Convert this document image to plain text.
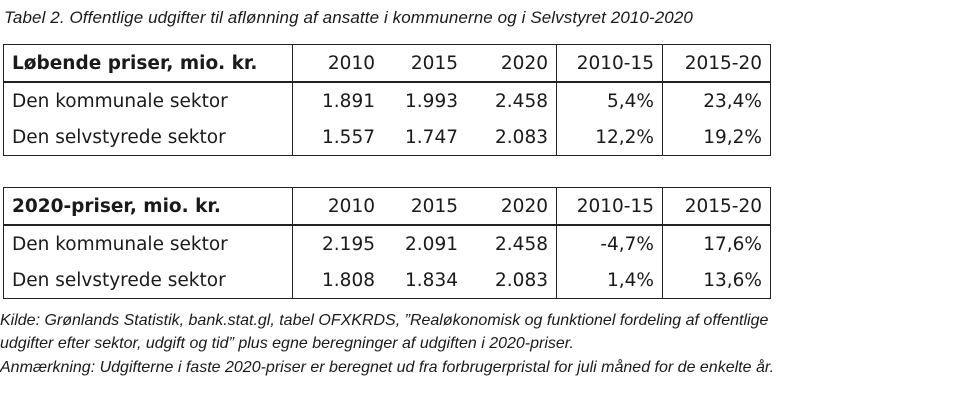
Tabel 2. Offentlige udgifter til aflønning af ansatte i kommunerne og i Selvstyret 2010-2020
Løbende priser, mio. kr.	2010	2015	2020	2010-15	2015-20
Den kommunale sektor	1.891	1.993	2.458	5,4%	23,4%
Den selvstyrede sektor	1.557	1.747	2.083	12,2%	19,2%
2020-priser, mio. kr.	2010	2015	2020	2010-15	2015-20
Den kommunale sektor	2.195	2.091	2.458	-4,7%	17,6%
Den selvstyrede sektor	1.808	1.834	2.083	1,4%	13,6%
Kilde: Grønlands Statistik, bank.stat.gl, tabel OFXKRDS, ”Realøkonomisk og funktionel fordeling af offentlige
udgifter efter sektor, udgift og tid” plus egne beregninger af udgiften i 2020-priser.
Anmærkning: Udgifterne i faste 2020-priser er beregnet ud fra forbrugerpristal for juli måned for de enkelte år.
